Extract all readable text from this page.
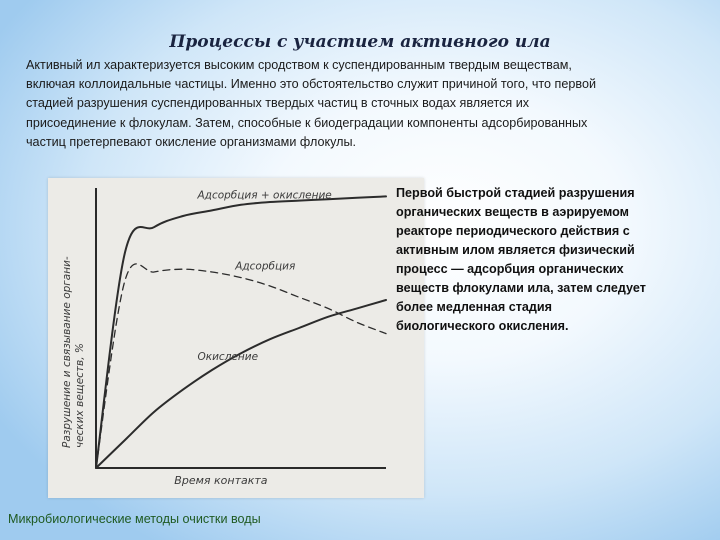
Процессы с участием активного ила
Активный ил характеризуется высоким сродством к суспендированным твердым веществам,
включая коллоидальные частицы. Именно это обстоятельство служит причиной того, что первой
стадией разрушения суспендированных твердых частиц в сточных водах является их
присоединение к флокулам. Затем, способные к биодеградации компоненты адсорбированных
частиц претерпевают окисление организмами флокулы.
Адсорбция + окисление
Адсорбция
Окисление
Время контакта
Разрушение и связывание органи- ческих веществ, %
Первой быстрой стадией разрушения
органических веществ в аэрируемом
реакторе периодического действия с
активным илом является физический
процесс — адсорбция органических
веществ флокулами ила, затем следует
более медленная стадия
биологического окисления.
Микробиологические методы очистки воды
